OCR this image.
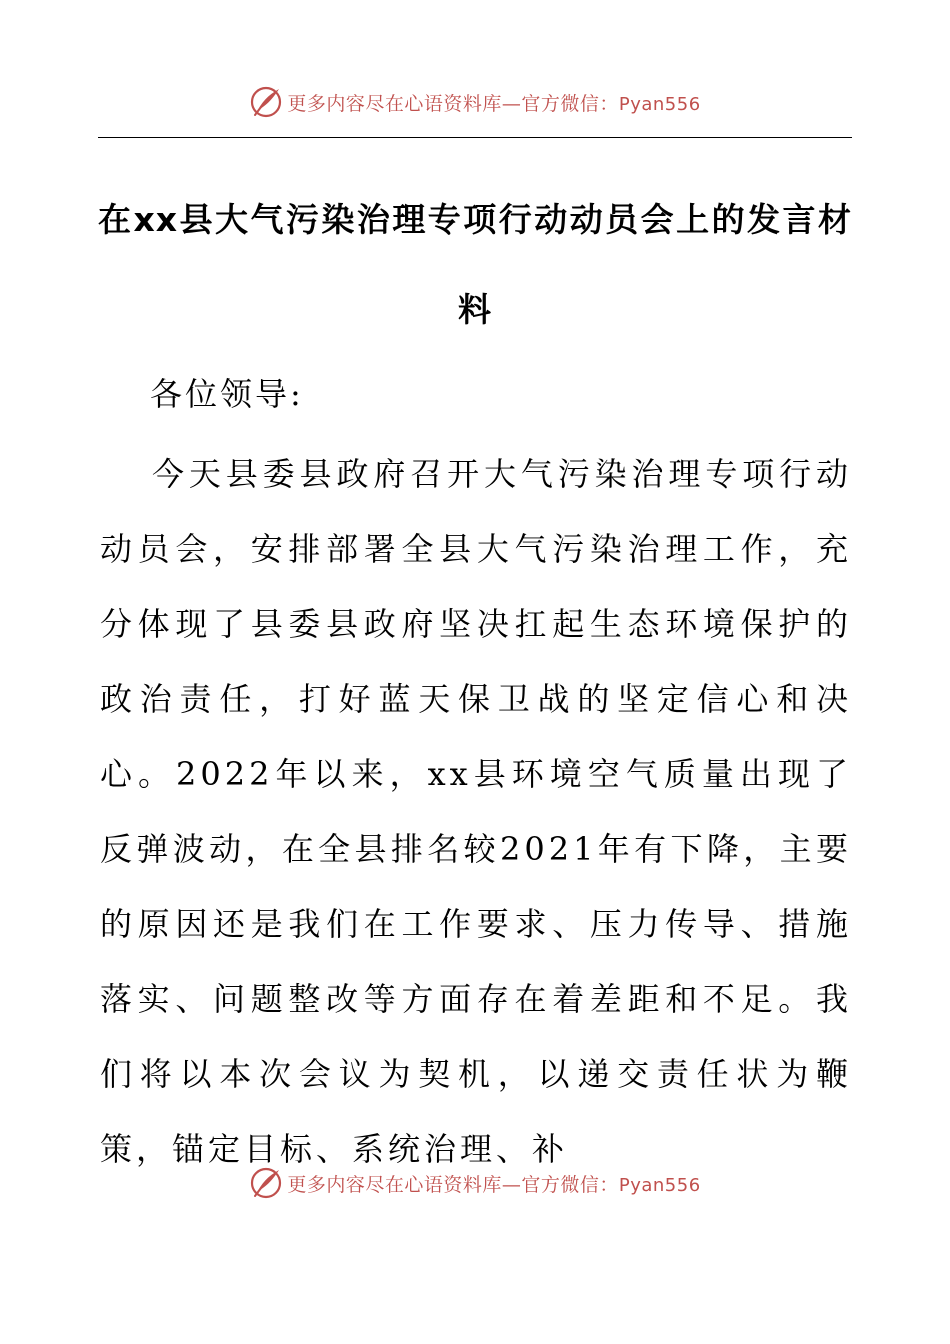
更多内容尽在心语资料库—官方微信：Pyan556
在xx县大气污染治理专项行动动员会上的发言材料
各位领导:
今天县委县政府召开大气污染治理专项行动动员会，安排部署全县大气污染治理工作，充分体现了县委县政府坚决扛起生态环境保护的政治责任，打好蓝天保卫战的坚定信心和决心。2022年以来，xx县环境空气质量出现了反弹波动，在全县排名较2021年有下降，主要的原因还是我们在工作要求、压力传导、措施落实、问题整改等方面存在着差距和不足。我们将以本次会议为契机，以递交责任状为鞭策，锚定目标、系统治理、补
更多内容尽在心语资料库—官方微信：Pyan556
